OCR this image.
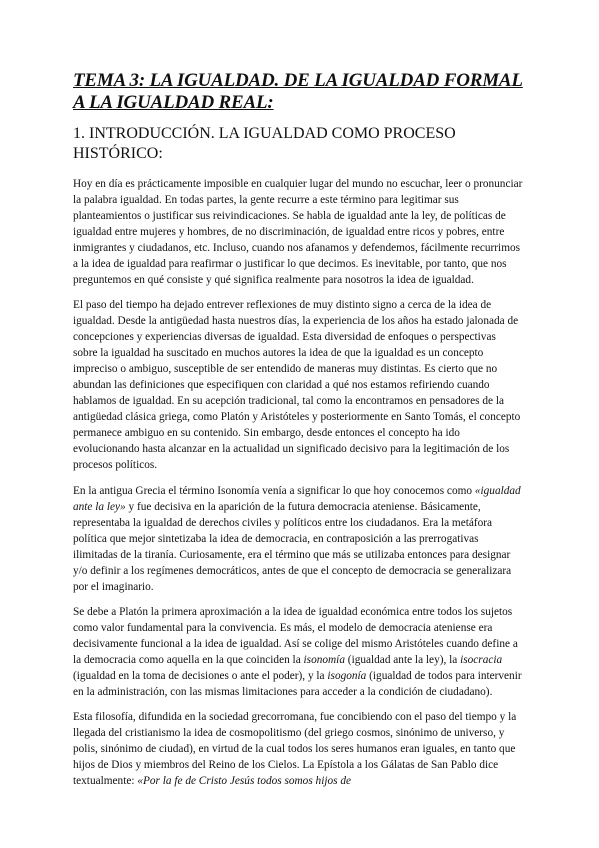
TEMA 3: LA IGUALDAD. DE LA IGUALDAD FORMAL
A LA IGUALDAD REAL:
1. INTRODUCCIÓN. LA IGUALDAD COMO PROCESO HISTÓRICO:

Hoy en día es prácticamente imposible en cualquier lugar del mundo no escuchar, leer o pronunciar la palabra igualdad. En todas partes, la gente recurre a este término para legitimar sus planteamientos o justificar sus reivindicaciones. Se habla de igualdad ante la ley, de políticas de igualdad entre mujeres y hombres, de no discriminación, de igualdad entre ricos y pobres, entre inmigrantes y ciudadanos, etc. Incluso, cuando nos afanamos y defendemos, fácilmente recurrimos a la idea de igualdad para reafirmar o justificar lo que decimos. Es inevitable, por tanto, que nos preguntemos en qué consiste y qué significa realmente para nosotros la idea de igualdad.

El paso del tiempo ha dejado entrever reflexiones de muy distinto signo a cerca de la idea de igualdad. Desde la antigüedad hasta nuestros días, la experiencia de los años ha estado jalonada de concepciones y experiencias diversas de igualdad. Esta diversidad de enfoques o perspectivas sobre la igualdad ha suscitado en muchos autores la idea de que la igualdad es un concepto impreciso o ambiguo, susceptible de ser entendido de maneras muy distintas. Es cierto que no abundan las definiciones que especifiquen con claridad a qué nos estamos refiriendo cuando hablamos de igualdad. En su acepción tradicional, tal como la encontramos en pensadores de la antigüedad clásica griega, como Platón y Aristóteles y posteriormente en Santo Tomás, el concepto permanece ambiguo en su contenido. Sin embargo, desde entonces el concepto ha ido evolucionando hasta alcanzar en la actualidad un significado decisivo para la legitimación de los procesos políticos.

En la antigua Grecia el término Isonomía venía a significar lo que hoy conocemos como «igualdad ante la ley» y fue decisiva en la aparición de la futura democracia ateniense. Básicamente, representaba la igualdad de derechos civiles y políticos entre los ciudadanos. Era la metáfora política que mejor sintetizaba la idea de democracia, en contraposición a las prerrogativas ilimitadas de la tiranía. Curiosamente, era el término que más se utilizaba entonces para designar y/o definir a los regímenes democráticos, antes de que el concepto de democracia se generalizara por el imaginario.

Se debe a Platón la primera aproximación a la idea de igualdad económica entre todos los sujetos como valor fundamental para la convivencia. Es más, el modelo de democracia ateniense era decisivamente funcional a la idea de igualdad. Así se colige del mismo Aristóteles cuando define a la democracia como aquella en la que coinciden la isonomía (igualdad ante la ley), la isocracia (igualdad en la toma de decisiones o ante el poder), y la isogonía (igualdad de todos para intervenir en la administración, con las mismas limitaciones para acceder a la condición de ciudadano).

Esta filosofía, difundida en la sociedad grecorromana, fue concibiendo con el paso del tiempo y la llegada del cristianismo la idea de cosmopolitismo (del griego cosmos, sinónimo de universo, y polis, sinónimo de ciudad), en virtud de la cual todos los seres humanos eran iguales, en tanto que hijos de Dios y miembros del Reino de los Cielos. La Epístola a los Gálatas de San Pablo dice textualmente: «Por la fe de Cristo Jesús todos somos hijos de
